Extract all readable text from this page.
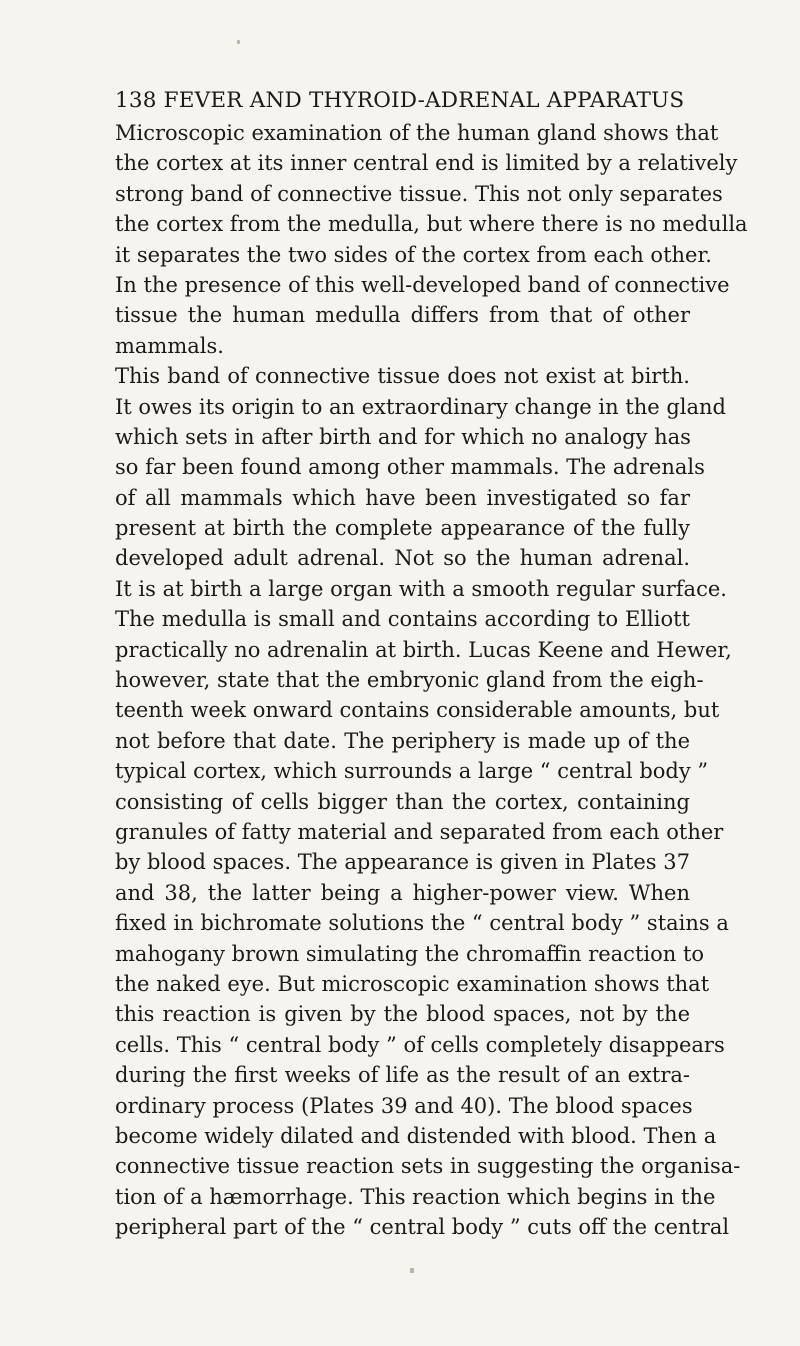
138 FEVER AND THYROID-ADRENAL APPARATUS
Microscopic examination of the human gland shows that
the cortex at its inner central end is limited by a relatively
strong band of connective tissue. This not only separates
the cortex from the medulla, but where there is no medulla
it separates the two sides of the cortex from each other.
In the presence of this well-developed band of connective
tissue the human medulla differs from that of other
mammals.
This band of connective tissue does not exist at birth.
It owes its origin to an extraordinary change in the gland
which sets in after birth and for which no analogy has
so far been found among other mammals. The adrenals
of all mammals which have been investigated so far
present at birth the complete appearance of the fully
developed adult adrenal. Not so the human adrenal.
It is at birth a large organ with a smooth regular surface.
The medulla is small and contains according to Elliott
practically no adrenalin at birth. Lucas Keene and Hewer,
however, state that the embryonic gland from the eigh-
teenth week onward contains considerable amounts, but
not before that date. The periphery is made up of the
typical cortex, which surrounds a large “ central body ”
consisting of cells bigger than the cortex, containing
granules of fatty material and separated from each other
by blood spaces. The appearance is given in Plates 37
and 38, the latter being a higher-power view. When
fixed in bichromate solutions the “ central body ” stains a
mahogany brown simulating the chromaffin reaction to
the naked eye. But microscopic examination shows that
this reaction is given by the blood spaces, not by the
cells. This “ central body ” of cells completely disappears
during the first weeks of life as the result of an extra-
ordinary process (Plates 39 and 40). The blood spaces
become widely dilated and distended with blood. Then a
connective tissue reaction sets in suggesting the organisa-
tion of a hæmorrhage. This reaction which begins in the
peripheral part of the “ central body ” cuts off the central
